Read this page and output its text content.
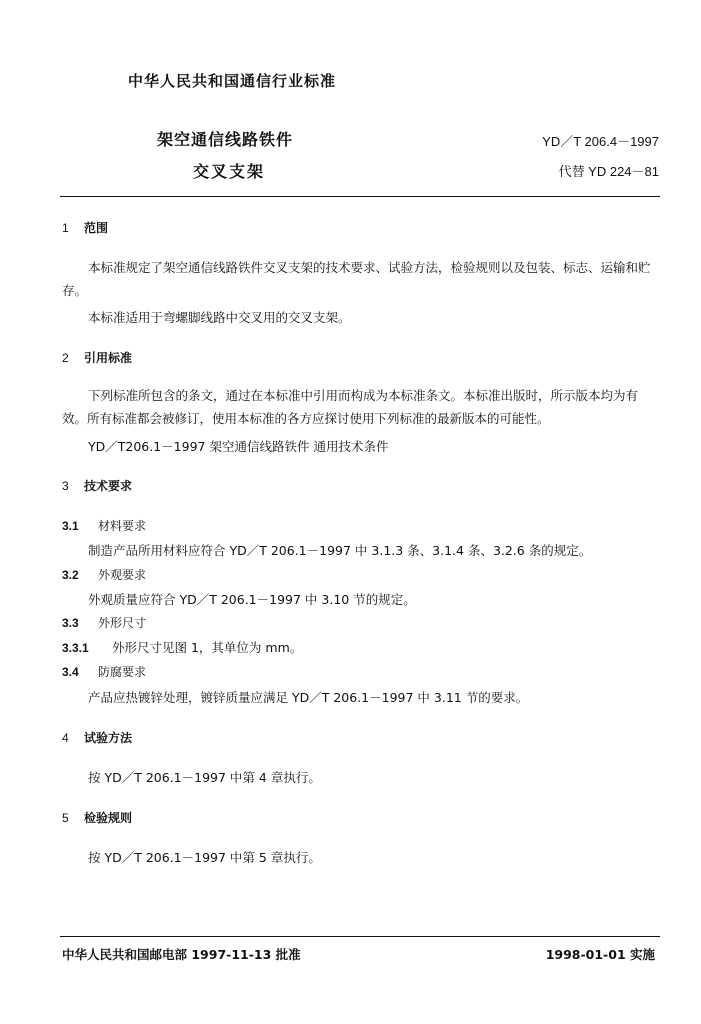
中华人民共和国通信行业标准
架空通信线路铁件
交叉支架
YD／T 206.4－1997
代替 YD 224－81
1 范围
本标准规定了架空通信线路铁件交叉支架的技术要求、试验方法，检验规则以及包装、标志、运输和贮存。
本标准适用于弯螺脚线路中交叉用的交叉支架。
2 引用标准
下列标准所包含的条文，通过在本标准中引用而构成为本标准条文。本标准出版时，所示版本均为有效。所有标准都会被修订，使用本标准的各方应探讨使用下列标准的最新版本的可能性。
YD／T206.1－1997 架空通信线路铁件 通用技术条件
3 技术要求
3.1 材料要求
制造产品所用材料应符合 YD／T 206.1－1997 中 3.1.3 条、3.1.4 条、3.2.6 条的规定。
3.2 外观要求
外观质量应符合 YD／T 206.1－1997 中 3.10 节的规定。
3.3 外形尺寸
3.3.1 外形尺寸见图 1，其单位为 mm。
3.4 防腐要求
产品应热镀锌处理，镀锌质量应满足 YD／T 206.1－1997 中 3.11 节的要求。
4 试验方法
按 YD／T 206.1－1997 中第 4 章执行。
5 检验规则
按 YD／T 206.1－1997 中第 5 章执行。
中华人民共和国邮电部 1997-11-13 批准	1998-01-01 实施
